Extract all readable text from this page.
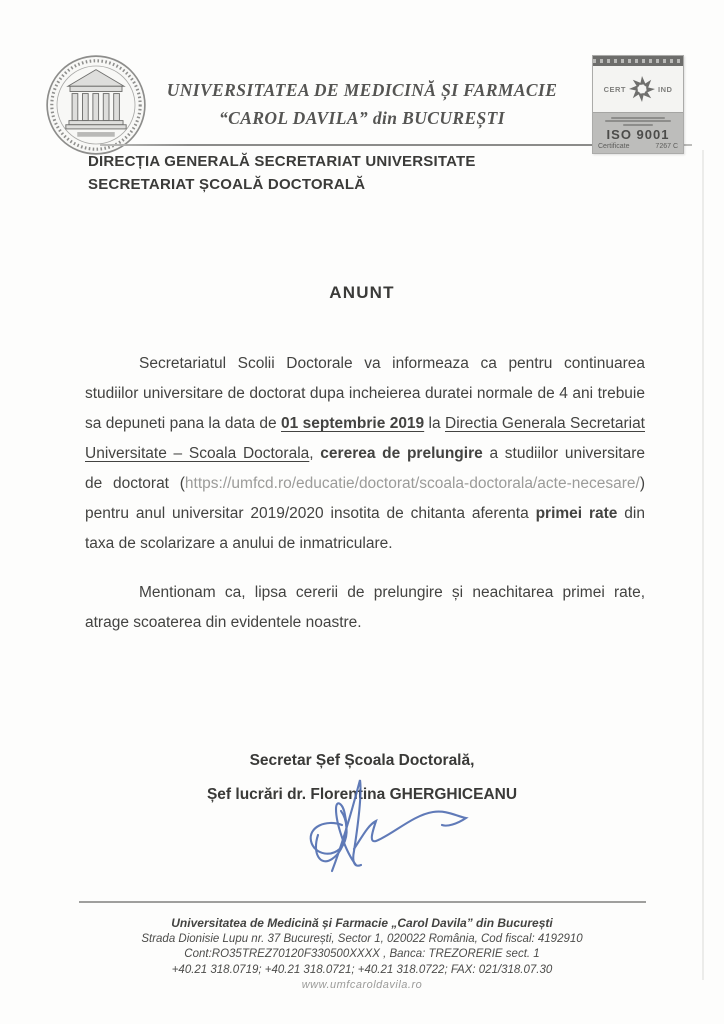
UNIVERSITATEA DE MEDICINĂ ȘI FARMACIE
“CAROL DAVILA” din BUCUREȘTI
CERT	IND
ISO 9001
Certificate	7267 C
DIRECȚIA GENERALĂ SECRETARIAT UNIVERSITATE
SECRETARIAT ȘCOALĂ DOCTORALĂ
ANUNT

Secretariatul Scolii Doctorale va informeaza ca pentru continuarea studiilor universitare de doctorat dupa incheierea duratei normale de 4 ani trebuie sa depuneti pana la data de 01 septembrie 2019 la Directia Generala Secretariat Universitate – Scoala Doctorala, cererea de prelungire a studiilor universitare de doctorat (https://umfcd.ro/educatie/doctorat/scoala-doctorala/acte-necesare/) pentru anul universitar 2019/2020 insotita de chitanta aferenta primei rate din taxa de scolarizare a anului de inmatriculare.

Mentionam ca, lipsa cererii de prelungire și neachitarea primei rate, atrage scoaterea din evidentele noastre.

Secretar Șef Școala Doctorală,
Șef lucrări dr. Florentina GHERGHICEANU
Universitatea de Medicină și Farmacie „Carol Davila” din București
Strada Dionisie Lupu nr. 37 București, Sector 1, 020022 România, Cod fiscal: 4192910
Cont:RO35TREZ70120F330500XXXX , Banca: TREZORERIE sect. 1
+40.21 318.0719; +40.21 318.0721; +40.21 318.0722; FAX: 021/318.07.30
www.umfcaroldavila.ro
